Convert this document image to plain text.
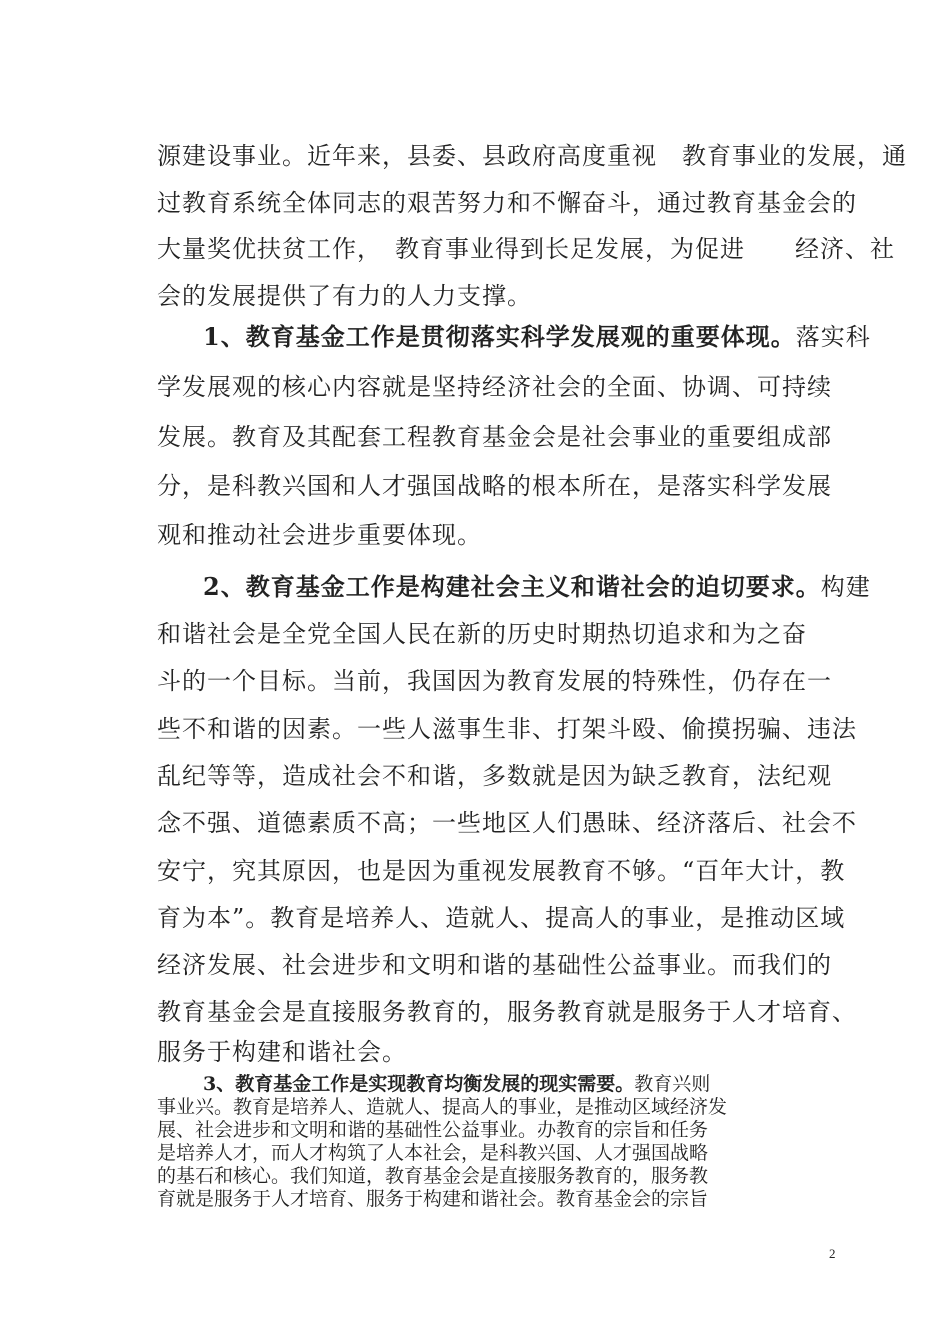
源建设事业。近年来，县委、县政府高度重视　教育事业的发展，通
过教育系统全体同志的艰苦努力和不懈奋斗，通过教育基金会的
大量奖优扶贫工作，　教育事业得到长足发展，为促进　　经济、社
会的发展提供了有力的人力支撑。
1、教育基金工作是贯彻落实科学发展观的重要体现。落实科
学发展观的核心内容就是坚持经济社会的全面、协调、可持续
发展。教育及其配套工程教育基金会是社会事业的重要组成部
分，是科教兴国和人才强国战略的根本所在，是落实科学发展
观和推动社会进步重要体现。
2、教育基金工作是构建社会主义和谐社会的迫切要求。构建
和谐社会是全党全国人民在新的历史时期热切追求和为之奋
斗的一个目标。当前，我国因为教育发展的特殊性，仍存在一
些不和谐的因素。一些人滋事生非、打架斗殴、偷摸拐骗、违法
乱纪等等，造成社会不和谐，多数就是因为缺乏教育，法纪观
念不强、道德素质不高；一些地区人们愚昧、经济落后、社会不
安宁，究其原因，也是因为重视发展教育不够。“百年大计，教
育为本”。教育是培养人、造就人、提高人的事业，是推动区域
经济发展、社会进步和文明和谐的基础性公益事业。而我们的
教育基金会是直接服务教育的，服务教育就是服务于人才培育、
服务于构建和谐社会。
3、教育基金工作是实现教育均衡发展的现实需要。教育兴则
事业兴。教育是培养人、造就人、提高人的事业，是推动区域经济发
展、社会进步和文明和谐的基础性公益事业。办教育的宗旨和任务
是培养人才，而人才构筑了人本社会，是科教兴国、人才强国战略
的基石和核心。我们知道，教育基金会是直接服务教育的，服务教
育就是服务于人才培育、服务于构建和谐社会。教育基金会的宗旨
2
